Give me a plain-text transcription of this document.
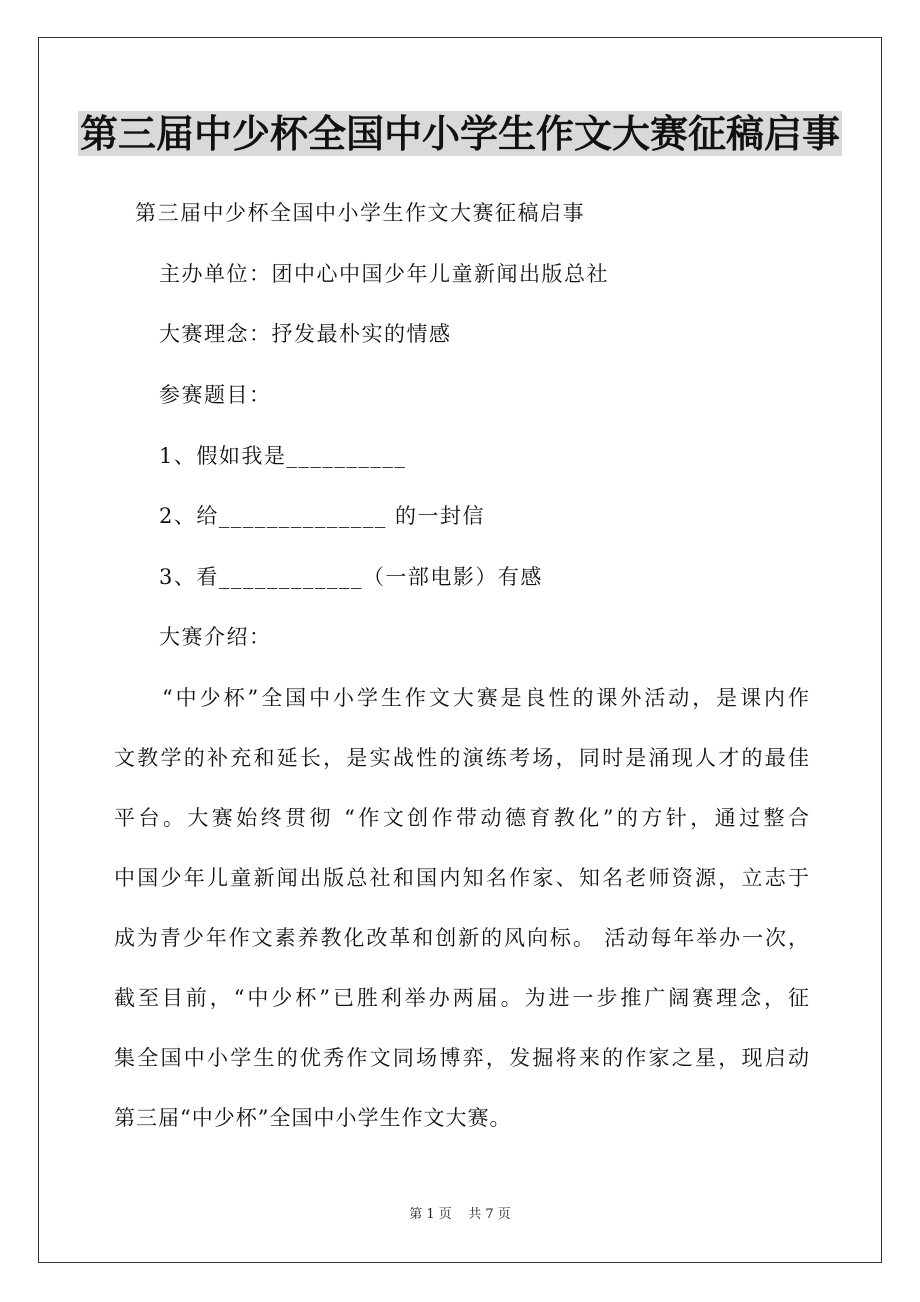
第三届中少杯全国中小学生作文大赛征稿启事

第三届中少杯全国中小学生作文大赛征稿启事

主办单位：团中心中国少年儿童新闻出版总社

大赛理念：抒发最朴实的情感

参赛题目：

1、假如我是__________

2、给______________ 的一封信

3、看____________（一部电影）有感

大赛介绍：

“中少杯”全国中小学生作文大赛是良性的课外活动，是课内作
文教学的补充和延长，是实战性的演练考场，同时是涌现人才的最佳
平台。大赛始终贯彻 “作文创作带动德育教化”的方针，通过整合
中国少年儿童新闻出版总社和国内知名作家、知名老师资源，立志于
成为青少年作文素养教化改革和创新的风向标。 活动每年举办一次，
截至目前，“中少杯”已胜利举办两届。为进一步推广阔赛理念，征
集全国中小学生的优秀作文同场博弈，发掘将来的作家之星，现启动
第三届“中少杯”全国中小学生作文大赛。
第 1 页    共 7 页
